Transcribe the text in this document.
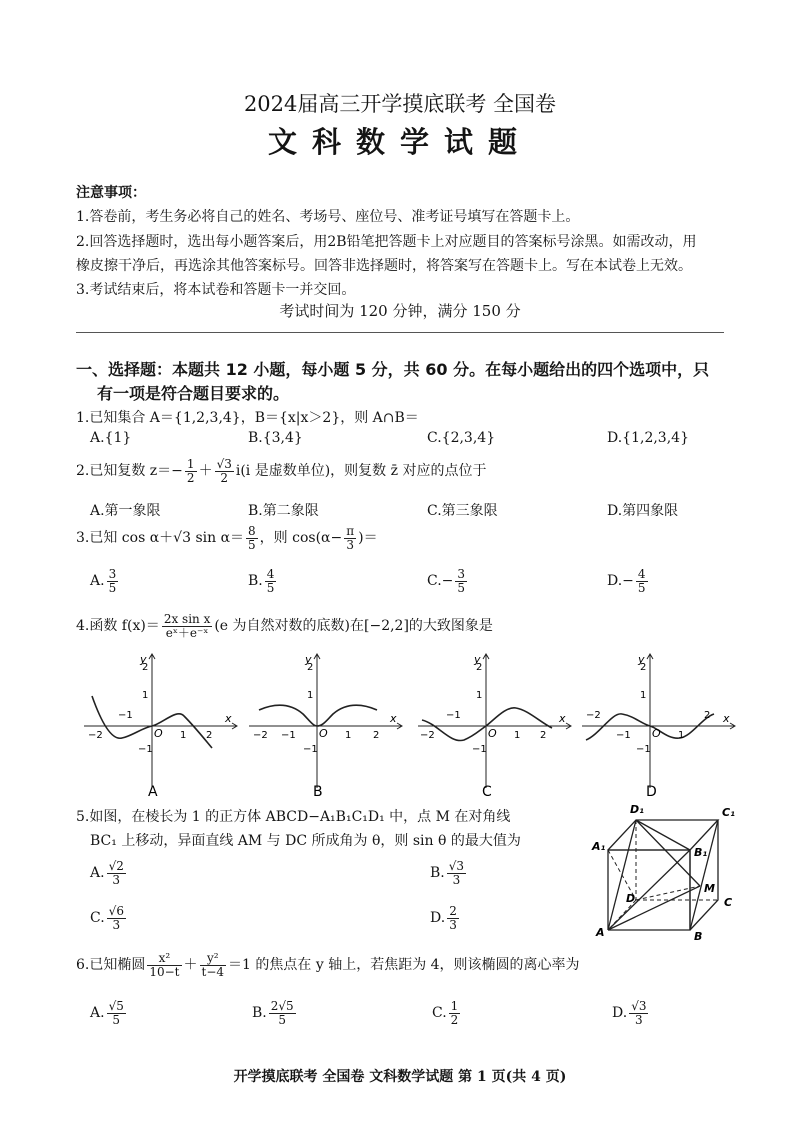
2024届高三开学摸底联考 全国卷
文科数学试题
注意事项：
1.答卷前，考生务必将自己的姓名、考场号、座位号、准考证号填写在答题卡上。
2.回答选择题时，选出每小题答案后，用2B铅笔把答题卡上对应题目的答案标号涂黑。如需改动，用
橡皮擦干净后，再选涂其他答案标号。回答非选择题时，将答案写在答题卡上。写在本试卷上无效。
3.考试结束后，将本试卷和答题卡一并交回。
考试时间为 120 分钟，满分 150 分
一、选择题：本题共 12 小题，每小题 5 分，共 60 分。在每小题给出的四个选项中，只
有一项是符合题目要求的。
1.已知集合 A＝{1,2,3,4}，B＝{x|x＞2}，则 A∩B＝
A.{1}	B.{3,4}	C.{2,3,4}	D.{1,2,3,4}
2.已知复数 $z=- \frac{1}{2} + \frac{√3}{2} i(i$ 是虚数单位)，则复数 z̄ 对应的点位于
A.第一象限	B.第二象限	C.第三象限	D.第四象限
3.已知 cos α＋√3 $\sin \alpha= \frac{8}{5}$ ，则 $\cos(\alpha- \frac{\pi}{3}$ )＝
A. $\frac{3}{5}$	B. $\frac{4}{5}$	$C.- \frac{3}{5}$	$D.- \frac{4}{5}$
4.函数 $f(x)= \frac{\text{2x sin x}}{\text{eˣ＋e⁻ˣ}} (e$ 为自然对数的底数)在[−2,2]的大致图象是
y
x
O
−2
−1
1 2
2
1
−1
A
y
x
O
−2 −1	1 2
2
1
−1
B
y
x
O
−2
−1
1 2
2
1
−1
C
y
x
O
−2
−1	1
2
2
1
−1
D
5.如图，在棱长为 1 的正方体 ABCD−A₁B₁C₁D₁ 中，点 M 在对角线
BC₁ 上移动，异面直线 AM 与 DC 所成角为 θ，则 sin θ 的最大值为
A. $\frac{√2}{3}$	B. $\frac{√3}{3}$
C. $\frac{√6}{3}$	D. $\frac{2}{3}$
D₁	C₁
A₁	B₁
M
D	C
A	B
6.已知椭圆 $\frac{\text{x²}}{10-t} + \frac{\text{y²}}{t-4} =1$ 的焦点在 y 轴上，若焦距为 4，则该椭圆的离心率为
A. $\frac{√5}{5}$	B. $\frac{2√5}{5}$	C. $\frac{1}{2}$	D. $\frac{√3}{3}$
开学摸底联考 全国卷 文科数学试题 第 1 页(共 4 页)
